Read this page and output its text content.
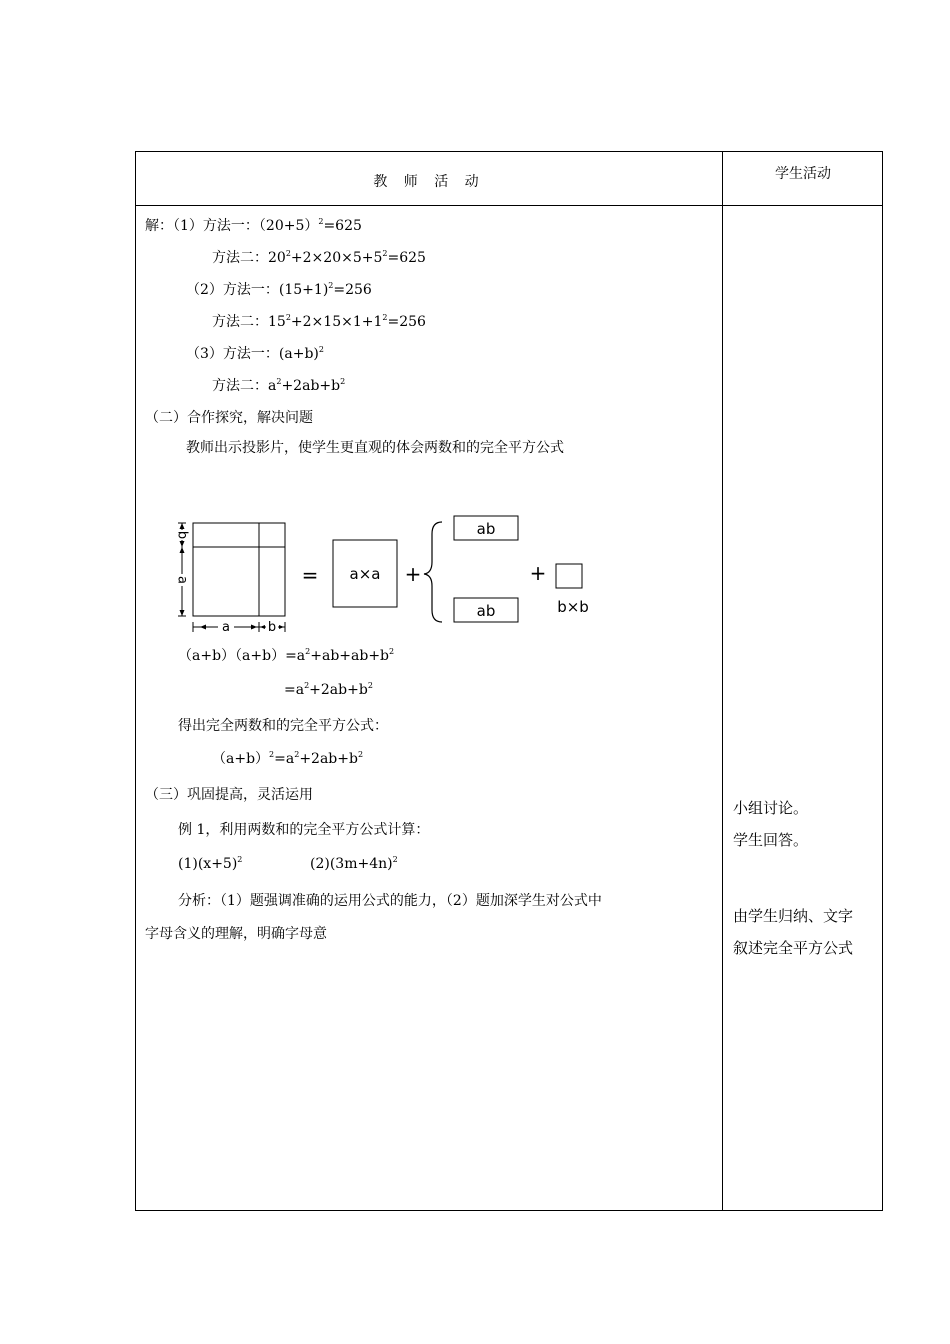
教 师 活 动	学生活动
解：（1）方法一：$(20+5)^2=625$
方法二：$20^2+2\times 20\times 5+5^2=625$
（2）方法一：$(15+1)^2=256$
方法二：$15^2+2\times 15\times 1+1^2=256$
（3）方法一：$(a+b)^2$
方法二：$a^2+2ab+b^2$
（二）合作探究，解决问题
教师出示投影片，使学生更直观的体会两数和的完全平方公式
b
a
a	b
= a×a +
ab
ab
+
b×b
$(a+b)(a+b)=a^2+ab+ab+b^2$
$=a^2+2ab+b^2$
得出完全两数和的完全平方公式：
$(a+b)^2=a^2+2ab+b^2$
（三）巩固提高，灵活运用
例 1，利用两数和的完全平方公式计算：
$(1)(x+5)^2$	$(2)(3m+4n)^2$
分析：（1）题强调准确的运用公式的能力，（2）题加深学生对公式中
字母含义的理解，明确字母意
小组讨论。
学生回答。
由学生归纳、文字
叙述完全平方公式
